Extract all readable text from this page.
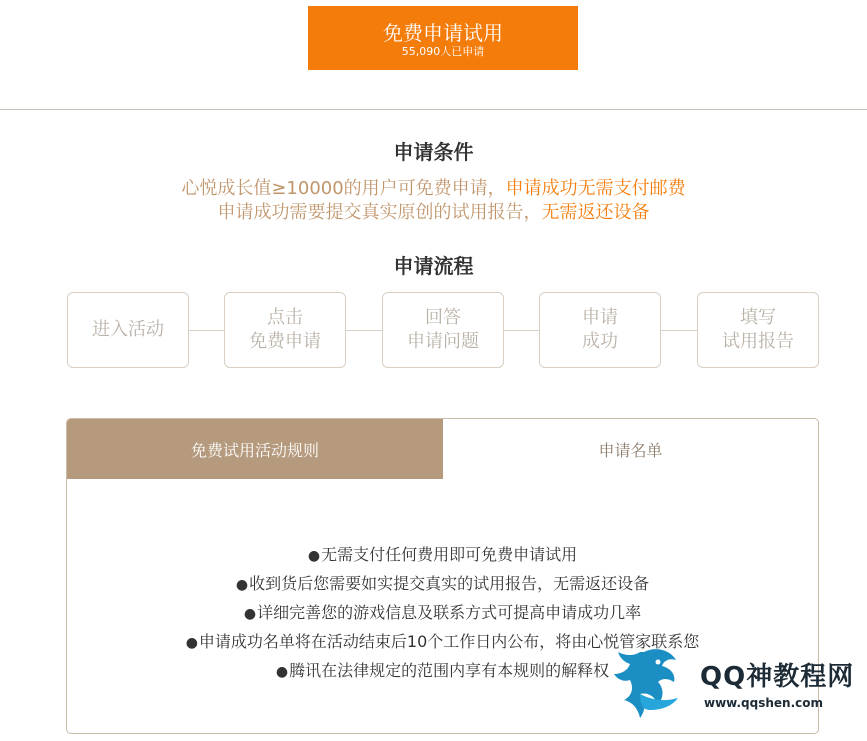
免费申请试用
55,090人已申请
申请条件
心悦成长值≥10000的用户可免费申请，申请成功无需支付邮费
申请成功需要提交真实原创的试用报告，无需返还设备
申请流程
进入活动
点击
免费申请
回答
申请问题
申请
成功
填写
试用报告
免费试用活动规则	申请名单
●无需支付任何费用即可免费申请试用
●收到货后您需要如实提交真实的试用报告，无需返还设备
●详细完善您的游戏信息及联系方式可提高申请成功几率
●申请成功名单将在活动结束后10个工作日内公布，将由心悦管家联系您
●腾讯在法律规定的范围内享有本规则的解释权	QQ神教程网
www.qqshen.com
